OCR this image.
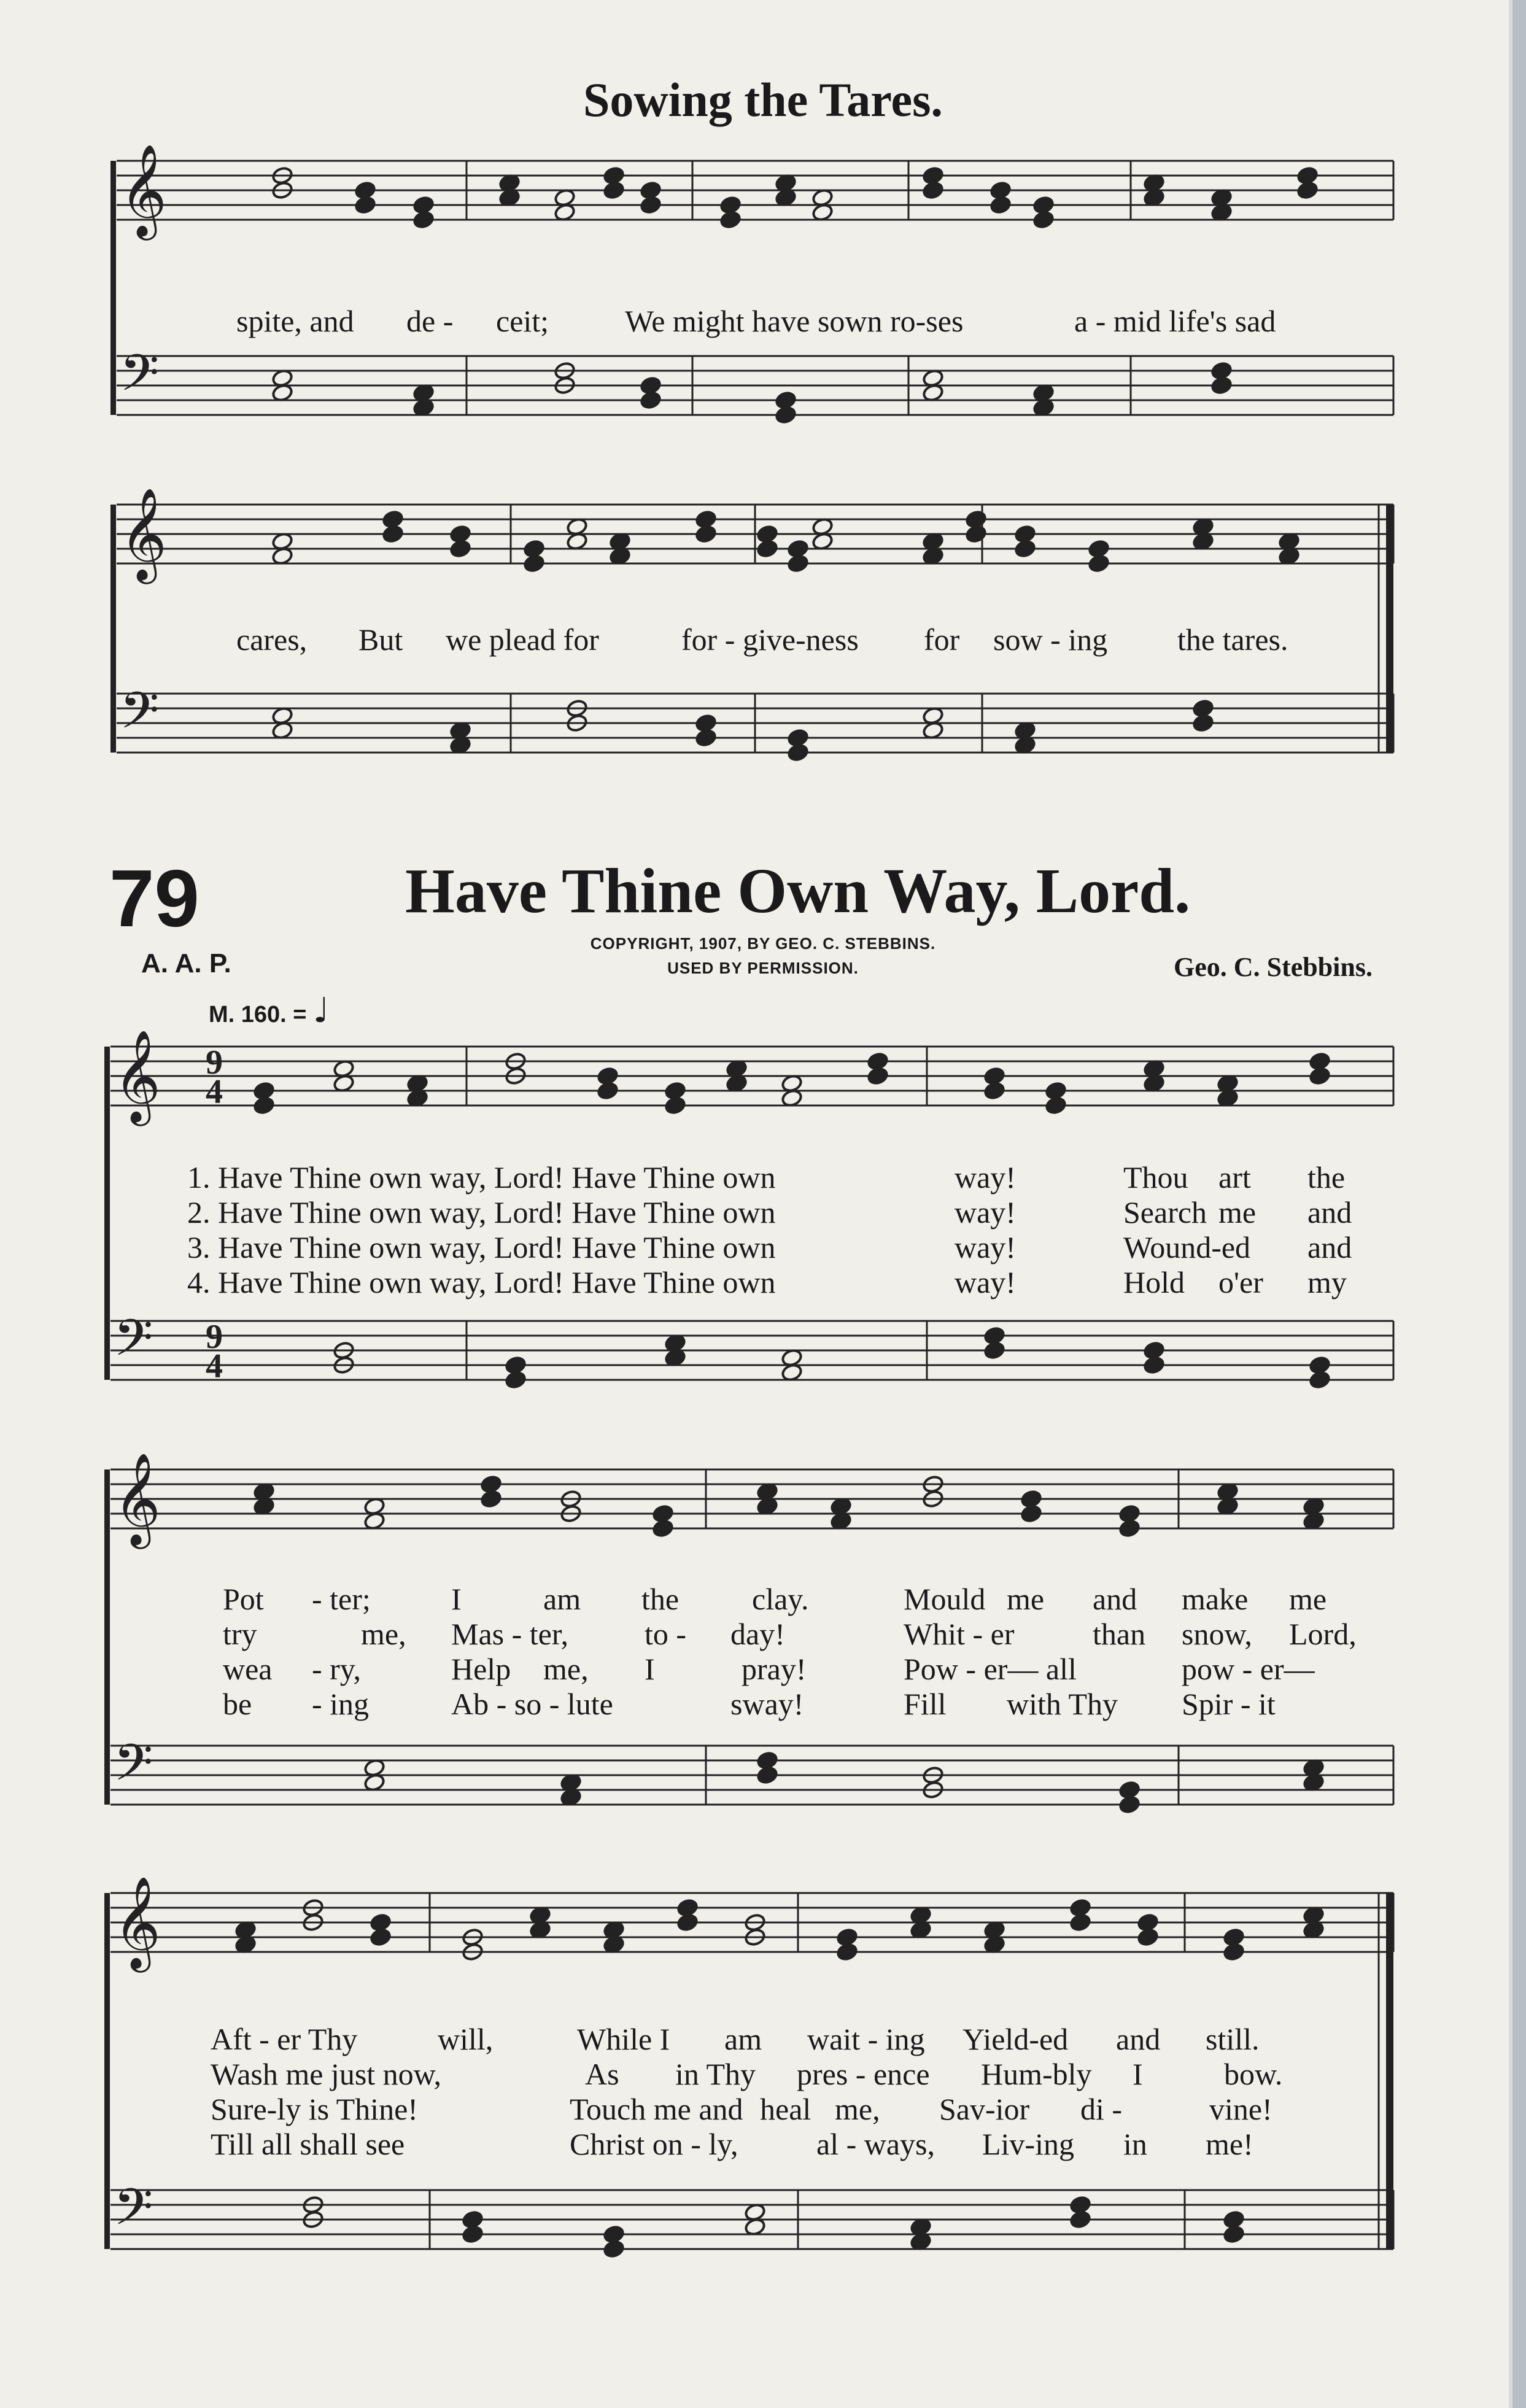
Sowing the Tares.
𝄞
𝄢
𝄞
𝄢
𝄞
𝄢
𝄞
𝄢
𝄞
𝄢
9
4
9
4
spite, and de - ceit; We might have sown ro-ses	a - mid life's sad
cares, But we plead for	for - give-ness for sow - ing the tares.
79	Have Thine Own Way, Lord.
COPYRIGHT, 1907, BY GEO. C. STEBBINS.
USED BY PERMISSION.
A. A. P.	Geo. C. Stebbins.
M. 160. = ♩
1. Have Thine own way, Lord! Have Thine own	way!	Thou art the
2. Have Thine own way, Lord! Have Thine own	way!	Search me and
3. Have Thine own way, Lord! Have Thine own	way!	Wound-ed and
4. Have Thine own way, Lord! Have Thine own	way!	Hold o'er my
Pot - ter;	I	am the clay.	Mould me and make me
try	me, Mas - ter, to - day!	Whit - er	than snow, Lord,
wea - ry,	Help me, I	pray!	Pow - er— all	pow - er—
be - ing	Ab - so - lute	sway!	Fill with Thy Spir - it
Aft - er Thy	will,	While I am wait - ing Yield-ed and still.
Wash me just now,	As in Thy pres - ence Hum-bly I	bow.
Sure-ly is Thine!	Touch me and heal me, Sav-ior di -	vine!
Till all shall see	Christ on - ly,	al - ways, Liv-ing in me!
